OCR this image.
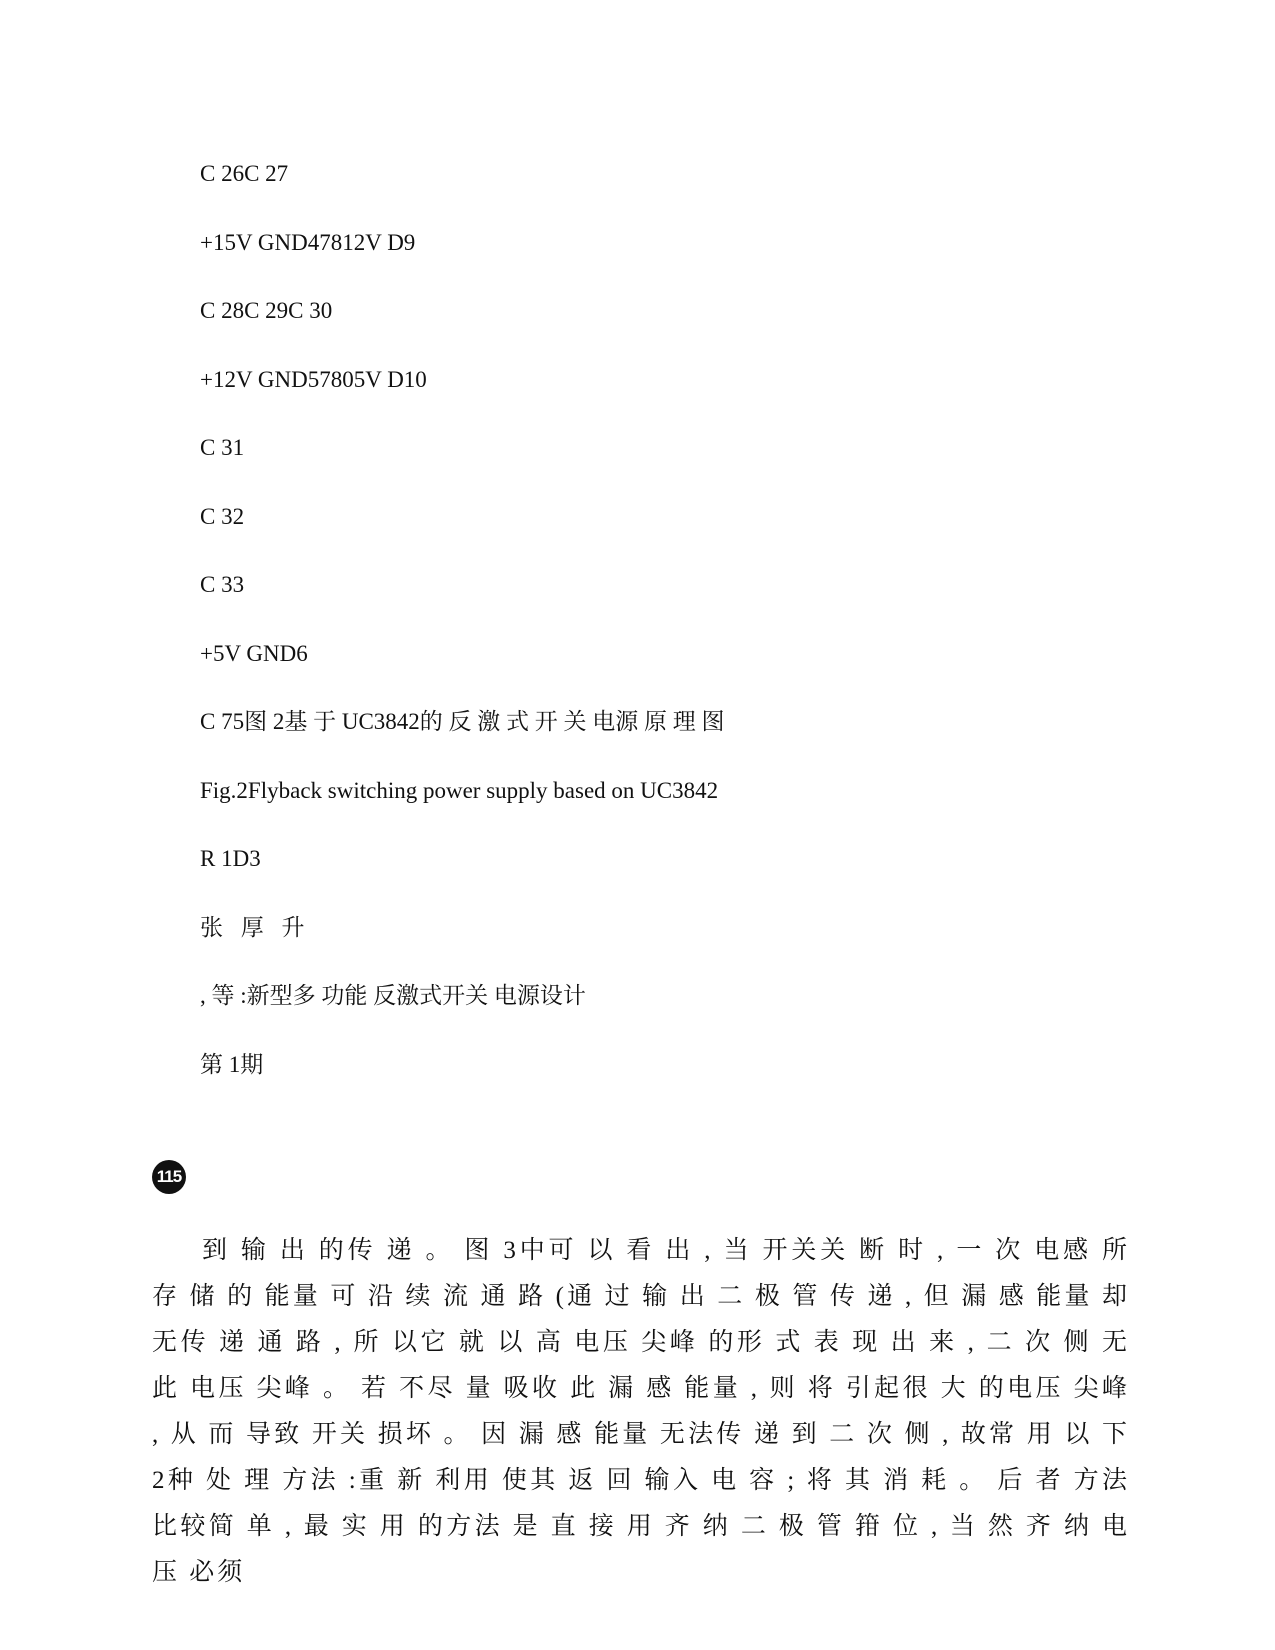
C 26C 27
+15V GND47812V D9
C 28C 29C 30
+12V GND57805V D10
C 31
C 32
C 33
+5V GND6
C 75图 2基 于 UC3842的 反 激 式 开 关 电源 原 理 图
Fig.2Flyback switching power supply based on UC3842
R 1D3
张 厚 升
, 等 :新型多 功能 反激式开关 电源设计
第 1期
115

到 输 出 的传 递 。 图 3中可 以 看 出 , 当 开关关 断 时 , 一 次 电感 所 存 储 的 能量 可 沿 续 流 通 路 (通 过 输 出 二 极 管 传 递 , 但 漏 感 能量 却 无传 递 通 路 , 所 以它 就 以 高 电压 尖峰 的形 式 表 现 出 来 , 二 次 侧 无 此 电压 尖峰 。 若 不尽 量 吸收 此 漏 感 能量 , 则 将 引起很 大 的电压 尖峰 , 从 而 导致 开关 损坏 。 因 漏 感 能量 无法传 递 到 二 次 侧 , 故常 用 以 下 2种 处 理 方法 :重 新 利用 使其 返 回 输入 电 容 ; 将 其 消 耗 。 后 者 方法 比较简 单 , 最 实 用 的方法 是 直 接 用 齐 纳 二 极 管 箝 位 , 当 然 齐 纳 电压 必须
